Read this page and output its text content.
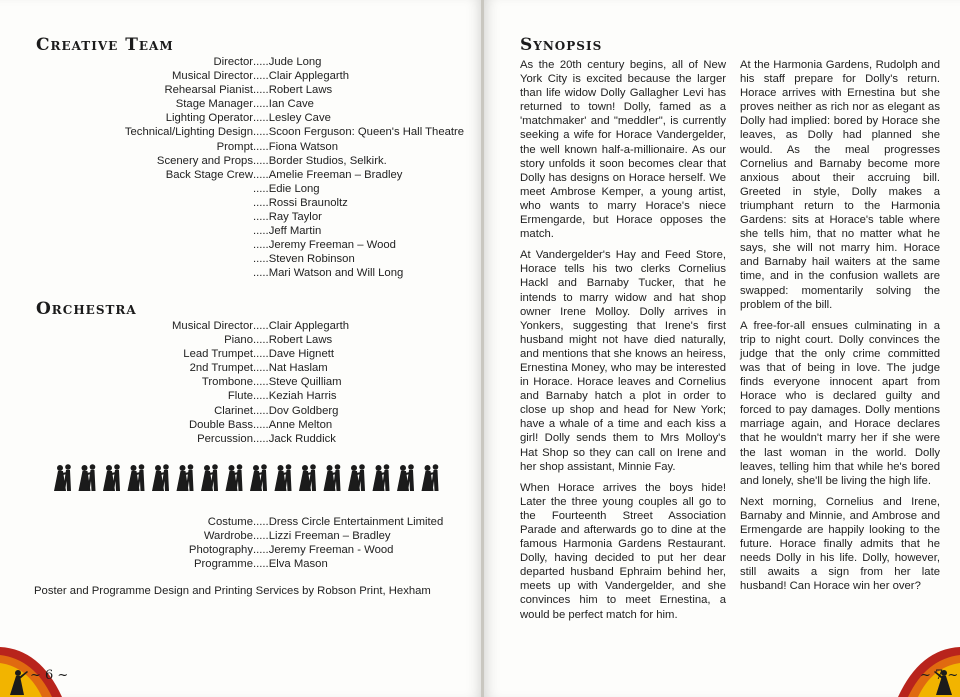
Creative Team
Director ..... Jude Long
Musical Director ..... Clair Applegarth
Rehearsal Pianist ..... Robert Laws
Stage Manager ..... Ian Cave
Lighting Operator ..... Lesley Cave
Technical/Lighting Design ..... Scoon Ferguson: Queen's Hall Theatre
Prompt ..... Fiona Watson
Scenery and Props ..... Border Studios, Selkirk.
Back Stage Crew ..... Amelie Freeman – Bradley
..... Edie Long
..... Rossi Braunoltz
..... Ray Taylor
..... Jeff Martin
..... Jeremy Freeman – Wood
..... Steven Robinson
..... Mari Watson and Will Long
Orchestra
Musical Director ..... Clair Applegarth
Piano ..... Robert Laws
Lead Trumpet ..... Dave Hignett
2nd Trumpet ..... Nat Haslam
Trombone ..... Steve Quilliam
Flute ..... Keziah Harris
Clarinet ..... Dov Goldberg
Double Bass ..... Anne Melton
Percussion ..... Jack Ruddick
Costume ..... Dress Circle Entertainment Limited
Wardrobe ..... Lizzi Freeman – Bradley
Photography ..... Jeremy Freeman - Wood
Programme ..... Elva Mason
Poster and Programme Design and Printing Services by Robson Print, Hexham
~ 6 ~
Synopsis

As the 20th century begins, all of New York City is excited because the larger than life widow Dolly Gallagher Levi has returned to town! Dolly, famed as a 'matchmaker' and "meddler", is currently seeking a wife for Horace Vandergelder, the well known half-a-millionaire. As our story unfolds it soon becomes clear that Dolly has designs on Horace herself. We meet Ambrose Kemper, a young artist, who wants to marry Horace's niece Ermengarde, but Horace opposes the match.

At Vandergelder's Hay and Feed Store, Horace tells his two clerks Cornelius Hackl and Barnaby Tucker, that he intends to marry widow and hat shop owner Irene Molloy. Dolly arrives in Yonkers, suggesting that Irene's first husband might not have died naturally, and mentions that she knows an heiress, Ernestina Money, who may be interested in Horace. Horace leaves and Cornelius and Barnaby hatch a plot in order to close up shop and head for New York; have a whale of a time and each kiss a girl! Dolly sends them to Mrs Molloy's Hat Shop so they can call on Irene and her shop assistant, Minnie Fay.

When Horace arrives the boys hide! Later the three young couples all go to the Fourteenth Street Association Parade and afterwards go to dine at the famous Harmonia Gardens Restaurant. Dolly, having decided to put her dear departed husband Ephraim behind her, meets up with Vandergelder, and she convinces him to meet Ernestina, a would be perfect match for him.

At the Harmonia Gardens, Rudolph and his staff prepare for Dolly's return. Horace arrives with Ernestina but she proves neither as rich nor as elegant as Dolly had implied: bored by Horace she leaves, as Dolly had planned she would. As the meal progresses Cornelius and Barnaby become more anxious about their accruing bill. Greeted in style, Dolly makes a triumphant return to the Harmonia Gardens: sits at Horace's table where she tells him, that no matter what he says, she will not marry him. Horace and Barnaby hail waiters at the same time, and in the confusion wallets are swapped: momentarily solving the problem of the bill.

A free-for-all ensues culminating in a trip to night court. Dolly convinces the judge that the only crime committed was that of being in love. The judge finds everyone innocent apart from Horace who is declared guilty and forced to pay damages. Dolly mentions marriage again, and Horace declares that he wouldn't marry her if she were the last woman in the world. Dolly leaves, telling him that while he's bored and lonely, she'll be living the high life.

Next morning, Cornelius and Irene, Barnaby and Minnie, and Ambrose and Ermengarde are happily looking to the future. Horace finally admits that he needs Dolly in his life. Dolly, however, still awaits a sign from her late husband! Can Horace win her over?

~ 7 ~
